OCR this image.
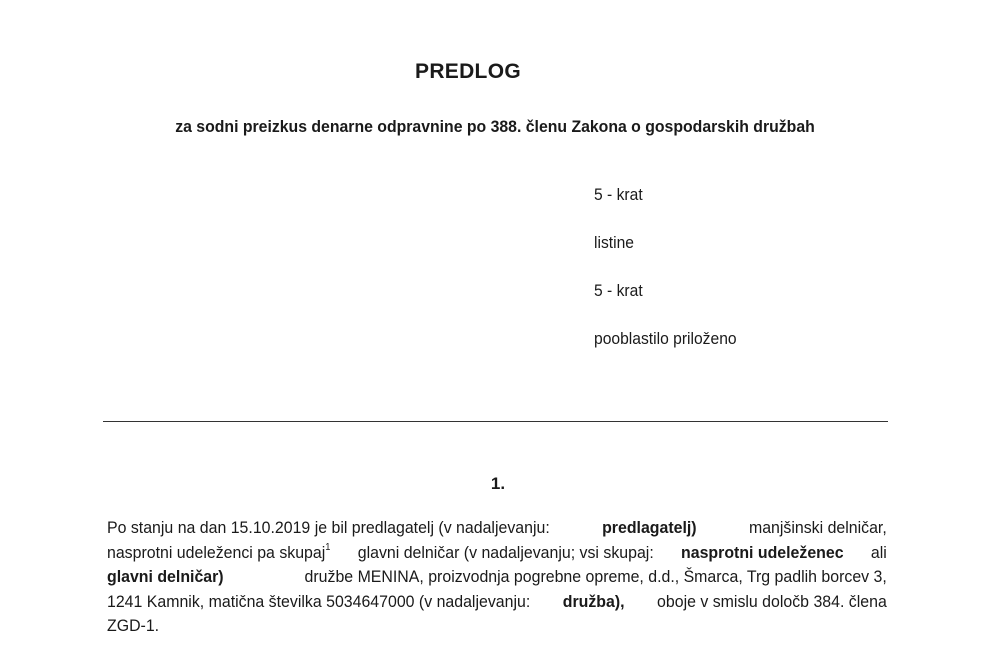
PREDLOG
za sodni preizkus denarne odpravnine po 388. členu Zakona o gospodarskih družbah
5 - krat
listine
5 - krat
pooblastilo priloženo
1.
Po stanju na dan 15.10.2019 je bil predlagatelj (v nadaljevanju:	predlagatelj)	manjšinski delničar,
nasprotni udeleženci pa skupaj$^1$ glavni delničar (v nadaljevanju; vsi skupaj: nasprotni udeleženec ali
glavni delničar)	družbe MENINA, proizvodnja pogrebne opreme, d.d., Šmarca, Trg padlih borcev 3,
1241 Kamnik, matična številka 5034647000 (v nadaljevanju: družba), oboje v smislu določb 384. člena
ZGD-1.
